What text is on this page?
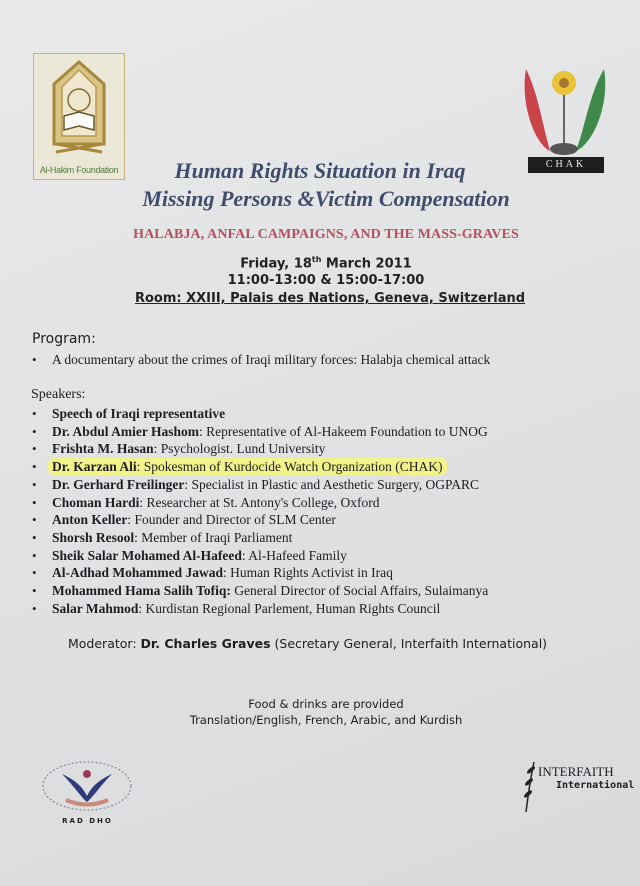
Al-Hakim Foundation	CHAK
Human Rights Situation in Iraq
Missing Persons &Victim Compensation
HALABJA, ANFAL CAMPAIGNS, AND THE MASS-GRAVES
Friday, 18th March 2011
11:00-13:00 & 15:00-17:00
Room: XXIII, Palais des Nations, Geneva, Switzerland
Program:
• A documentary about the crimes of Iraqi military forces: Halabja chemical attack
Speakers:
• Speech of Iraqi representative
• Dr. Abdul Amier Hashom: Representative of Al-Hakeem Foundation to UNOG
• Frishta M. Hasan: Psychologist. Lund University
• Dr. Karzan Ali: Spokesman of Kurdocide Watch Organization (CHAK)
• Dr. Gerhard Freilinger: Specialist in Plastic and Aesthetic Surgery, OGPARC
• Choman Hardi: Researcher at St. Antony's College, Oxford
• Anton Keller: Founder and Director of SLM Center
• Shorsh Resool: Member of Iraqi Parliament
• Sheik Salar Mohamed Al-Hafeed: Al-Hafeed Family
• Al-Adhad Mohammed Jawad: Human Rights Activist in Iraq
• Mohammed Hama Salih Tofiq: General Director of Social Affairs, Sulaimanya
• Salar Mahmod: Kurdistan Regional Parlement, Human Rights Council
Moderator: Dr. Charles Graves (Secretary General, Interfaith International)
Food & drinks are provided
Translation/English, French, Arabic, and Kurdish
RAD DHO
INTERFAITH
International
